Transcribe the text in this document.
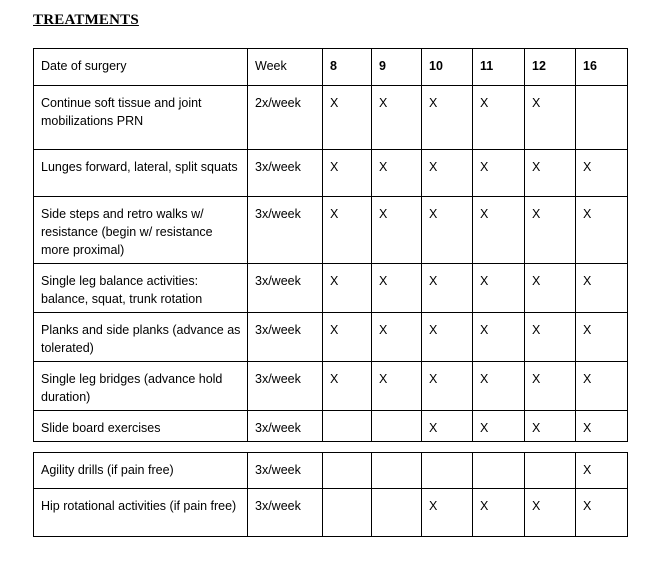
TREATMENTS
Date of surgery	Week	8	9	10	11	12	16
Continue soft tissue and joint mobilizations PRN	2x/week	X	X	X	X	X	
Lunges forward, lateral, split squats	3x/week	X	X	X	X	X	X
Side steps and retro walks w/ resistance (begin w/ resistance more proximal)	3x/week	X	X	X	X	X	X
Single leg balance activities: balance, squat, trunk rotation	3x/week	X	X	X	X	X	X
Planks and side planks (advance as tolerated)	3x/week	X	X	X	X	X	X
Single leg bridges (advance hold duration)	3x/week	X	X	X	X	X	X
Slide board exercises	3x/week			X	X	X	X
Agility drills (if pain free)	3x/week						X
Hip rotational activities (if pain free)	3x/week			X	X	X	X
